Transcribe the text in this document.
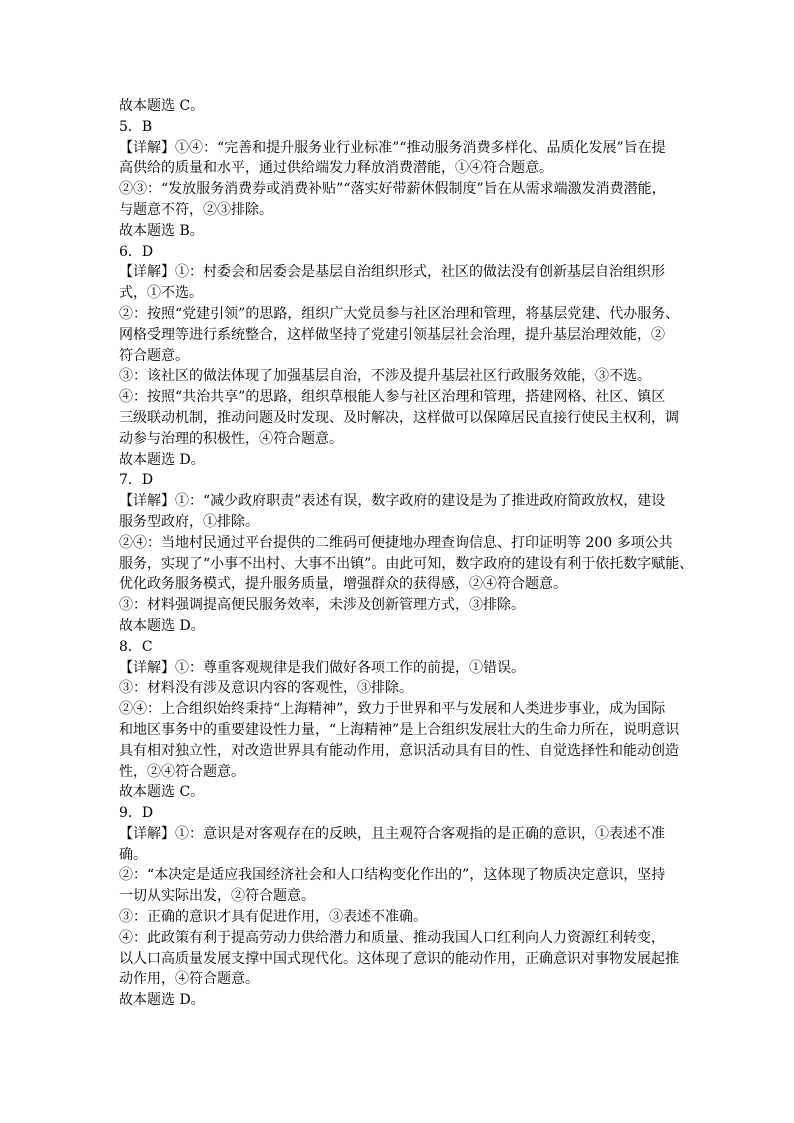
故本题选 C。
5．B
【详解】①④：“完善和提升服务业行业标准”“推动服务消费多样化、品质化发展”旨在提
高供给的质量和水平，通过供给端发力释放消费潜能，①④符合题意。
②③：“发放服务消费券或消费补贴”“落实好带薪休假制度”旨在从需求端激发消费潜能，
与题意不符，②③排除。
故本题选 B。
6．D
【详解】①：村委会和居委会是基层自治组织形式，社区的做法没有创新基层自治组织形
式，①不选。
②：按照“党建引领”的思路，组织广大党员参与社区治理和管理，将基层党建、代办服务、
网格受理等进行系统整合，这样做坚持了党建引领基层社会治理，提升基层治理效能，②
符合题意。
③：该社区的做法体现了加强基层自治，不涉及提升基层社区行政服务效能，③不选。
④：按照“共治共享”的思路，组织草根能人参与社区治理和管理，搭建网格、社区、镇区
三级联动机制，推动问题及时发现、及时解决，这样做可以保障居民直接行使民主权利，调
动参与治理的积极性，④符合题意。
故本题选 D。
7．D
【详解】①：“减少政府职责”表述有误，数字政府的建设是为了推进政府简政放权，建设
服务型政府，①排除。
②④：当地村民通过平台提供的二维码可便捷地办理查询信息、打印证明等 200 多项公共
服务，实现了“小事不出村、大事不出镇”。由此可知，数字政府的建设有利于依托数字赋能、
优化政务服务模式，提升服务质量，增强群众的获得感，②④符合题意。
③：材料强调提高便民服务效率，未涉及创新管理方式，③排除。
故本题选 D。
8．C
【详解】①：尊重客观规律是我们做好各项工作的前提，①错误。
③：材料没有涉及意识内容的客观性，③排除。
②④：上合组织始终秉持“上海精神”，致力于世界和平与发展和人类进步事业，成为国际
和地区事务中的重要建设性力量，“上海精神”是上合组织发展壮大的生命力所在，说明意识
具有相对独立性，对改造世界具有能动作用，意识活动具有目的性、自觉选择性和能动创造
性，②④符合题意。
故本题选 C。
9．D
【详解】①：意识是对客观存在的反映，且主观符合客观指的是正确的意识，①表述不准
确。
②：“本决定是适应我国经济社会和人口结构变化作出的”，这体现了物质决定意识，坚持
一切从实际出发，②符合题意。
③：正确的意识才具有促进作用，③表述不准确。
④：此政策有利于提高劳动力供给潜力和质量、推动我国人口红利向人力资源红利转变，
以人口高质量发展支撑中国式现代化。这体现了意识的能动作用，正确意识对事物发展起推
动作用，④符合题意。
故本题选 D。
